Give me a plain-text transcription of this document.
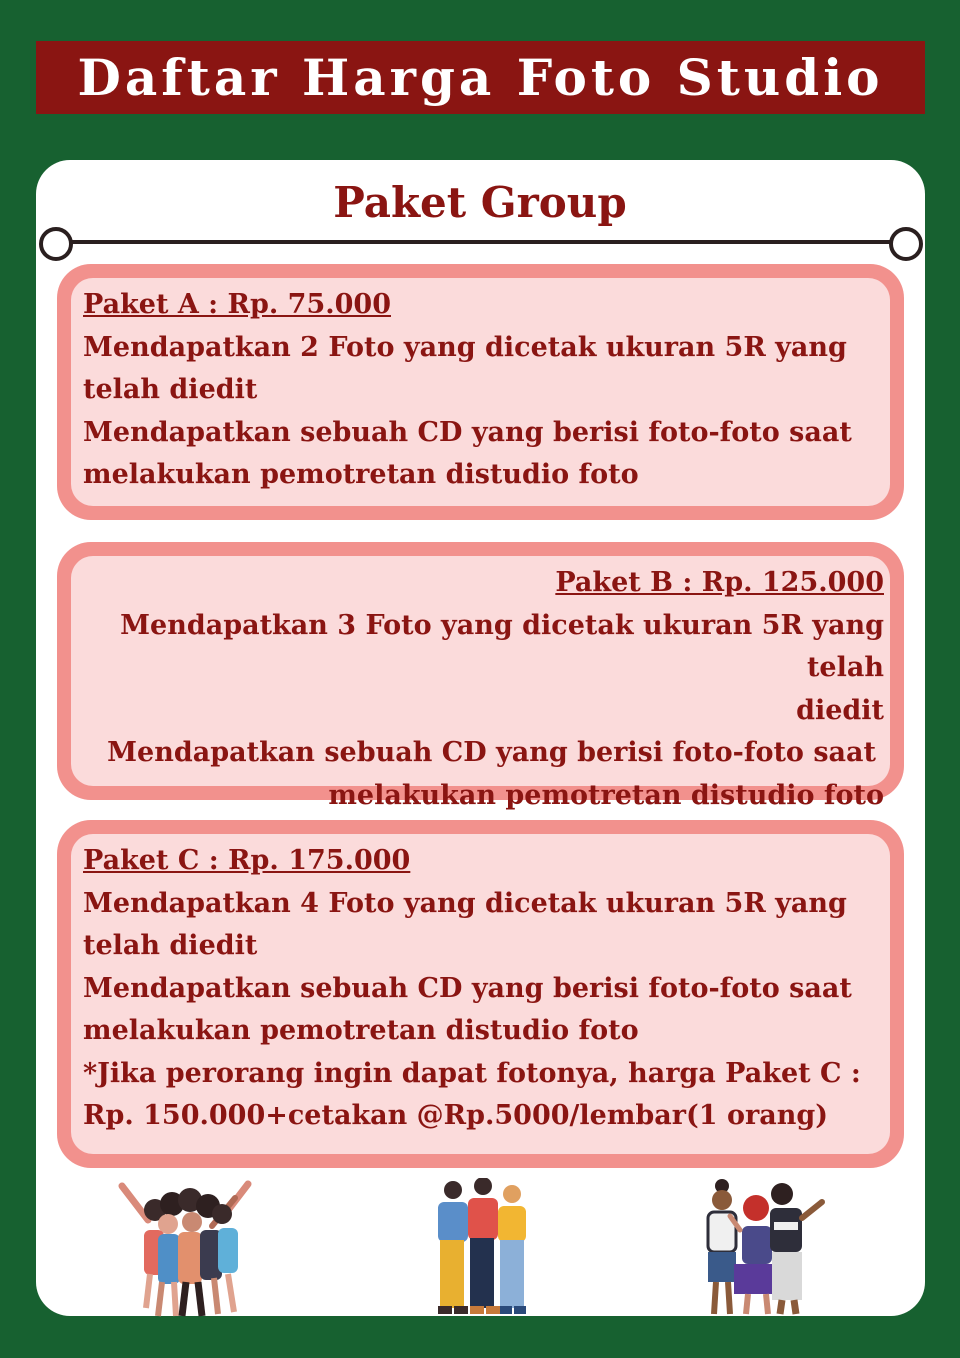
Daftar Harga Foto Studio
Paket Group

Paket A : Rp. 75.000

Mendapatkan 2 Foto yang dicetak ukuran 5R yang telah diedit

Mendapatkan sebuah CD yang berisi foto-foto saat melakukan pemotretan distudio foto

Paket B : Rp. 125.000

Mendapatkan 3 Foto yang dicetak ukuran 5R yang telah

diedit

Mendapatkan sebuah CD yang berisi foto-foto saat

melakukan pemotretan distudio foto

Paket C : Rp. 175.000

Mendapatkan 4 Foto yang dicetak ukuran 5R yang telah diedit

Mendapatkan sebuah CD yang berisi foto-foto saat melakukan pemotretan distudio foto

*Jika perorang ingin dapat fotonya, harga Paket C : Rp. 150.000+cetakan @Rp.5000/lembar(1 orang)
